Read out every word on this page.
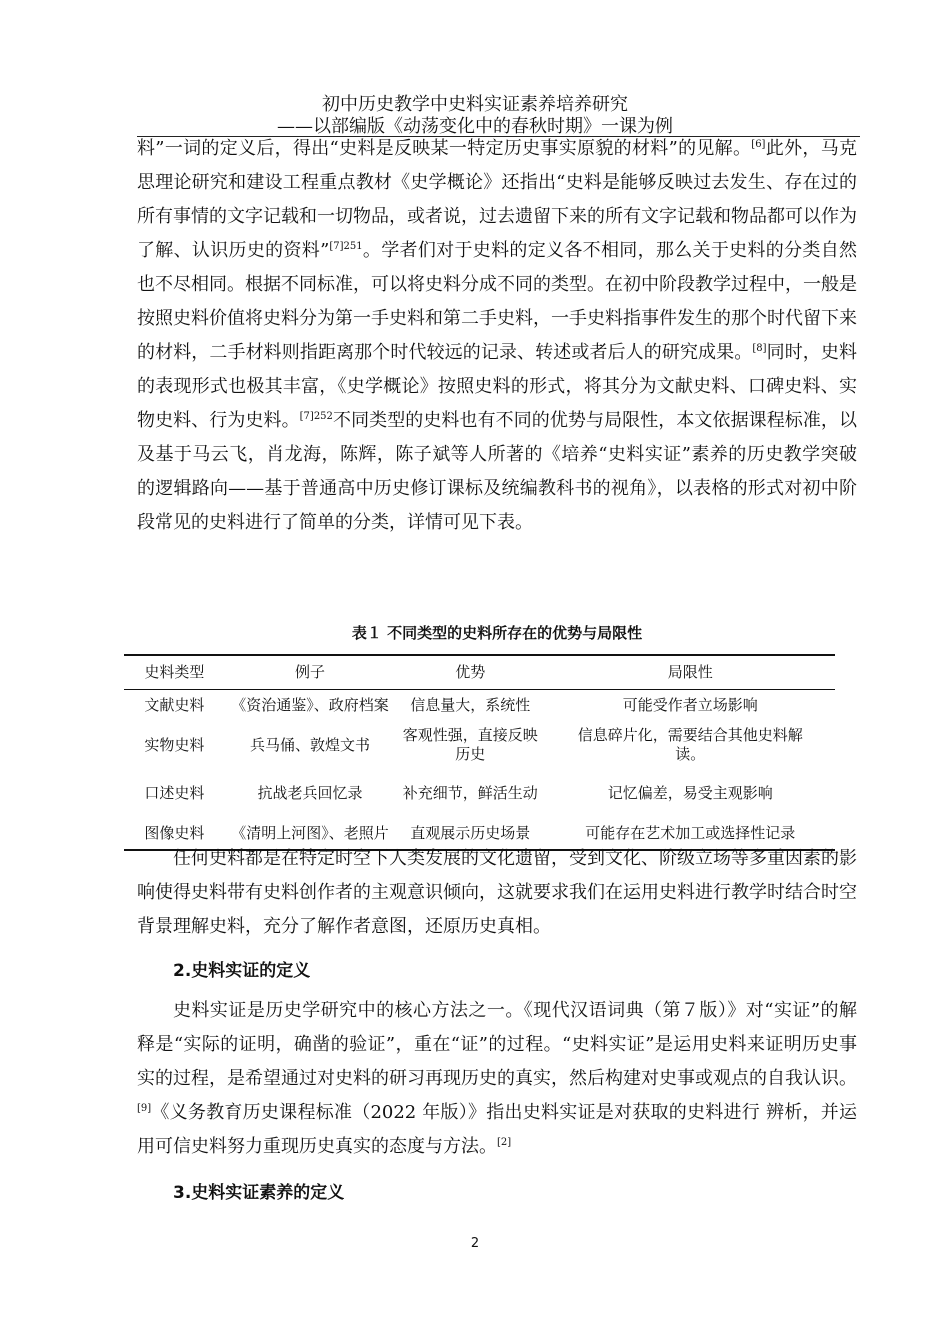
初中历史教学中史料实证素养培养研究
——以部编版《动荡变化中的春秋时期》一课为例
料”一词的定义后，得出“史料是反映某一特定历史事实原貌的材料”的见解。[6]此外，马克思理论研究和建设工程重点教材《史学概论》还指出“史料是能够反映过去发生、存在过的所有事情的文字记载和一切物品，或者说，过去遗留下来的所有文字记载和物品都可以作为了解、认识历史的资料”$^{[7]251}$。学者们对于史料的定义各不相同，那么关于史料的分类自然也不尽相同。根据不同标准，可以将史料分成不同的类型。在初中阶段教学过程中，一般是按照史料价值将史料分为第一手史料和第二手史料，一手史料指事件发生的那个时代留下来的材料，二手材料则指距离那个时代较远的记录、转述或者后人的研究成果。[8]同时，史料的表现形式也极其丰富，《史学概论》按照史料的形式，将其分为文献史料、口碑史料、实物史料、行为史料。$^{[7]252}$不同类型的史料也有不同的优势与局限性，本文依据课程标准，以及基于马云飞，肖龙海，陈辉，陈子斌等人所著的《培养“史料实证”素养的历史教学突破的逻辑路向——基于普通高中历史修订课标及统编教科书的视角》，以表格的形式对初中阶段常见的史料进行了简单的分类，详情可见下表。
表１ 不同类型的史料所存在的优势与局限性
史料类型	例子	优势	局限性
文献史料	《资治通鉴》、政府档案	信息量大，系统性	可能受作者立场影响
实物史料	兵马俑、敦煌文书	客观性强，直接反映历史	信息碎片化，需要结合其他史料解读。
口述史料	抗战老兵回忆录	补充细节，鲜活生动	记忆偏差，易受主观影响
图像史料	《清明上河图》、老照片	直观展示历史场景	可能存在艺术加工或选择性记录
任何史料都是在特定时空下人类发展的文化遗留，受到文化、阶级立场等多重因素的影响使得史料带有史料创作者的主观意识倾向，这就要求我们在运用史料进行教学时结合时空背景理解史料，充分了解作者意图，还原历史真相。
2.史料实证的定义
史料实证是历史学研究中的核心方法之一。《现代汉语词典（第７版）》对“实证”的解释是“实际的证明，确凿的验证”，重在“证”的过程。“史料实证”是运用史料来证明历史事实的过程，是希望通过对史料的研习再现历史的真实，然后构建对史事或观点的自我认识。[9]《义务教育历史课程标准（2022 年版）》指出史料实证是对获取的史料进行 辨析，并运用可信史料努力重现历史真实的态度与方法。[2]
3.史料实证素养的定义
2
